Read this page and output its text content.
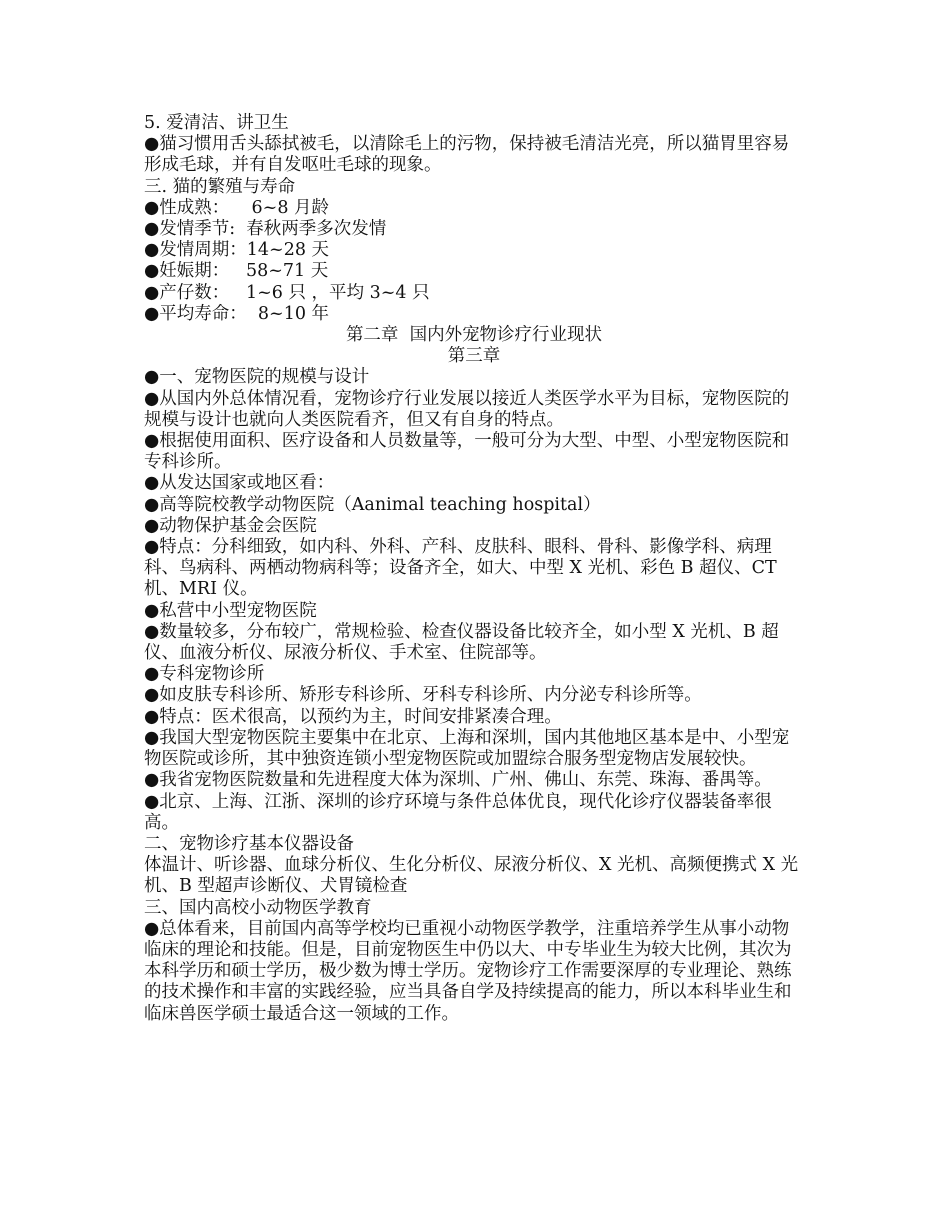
5. 爱清洁、讲卫生
●猫习惯用舌头舔拭被毛，以清除毛上的污物，保持被毛清洁光亮，所以猫胃里容易形成毛球，并有自发呕吐毛球的现象。
三. 猫的繁殖与寿命
●性成熟：    6~8 月龄
●发情季节:  春秋两季多次发情
●发情周期：14~28 天
●妊娠期：   58~71 天
●产仔数：   1~6 只 ，平均 3~4 只
●平均寿命：  8~10 年
第二章  国内外宠物诊疗行业现状
第三章
●一、宠物医院的规模与设计
●从国内外总体情况看，宠物诊疗行业发展以接近人类医学水平为目标，宠物医院的规模与设计也就向人类医院看齐，但又有自身的特点。
●根据使用面积、医疗设备和人员数量等，一般可分为大型、中型、小型宠物医院和专科诊所。
●从发达国家或地区看：
●高等院校教学动物医院（Aanimal teaching hospital）
●动物保护基金会医院
●特点：分科细致，如内科、外科、产科、皮肤科、眼科、骨科、影像学科、病理科、鸟病科、两栖动物病科等；设备齐全，如大、中型 X 光机、彩色 B 超仪、CT 机、MRI 仪。
●私营中小型宠物医院
●数量较多，分布较广，常规检验、检查仪器设备比较齐全，如小型 X 光机、B 超仪、血液分析仪、尿液分析仪、手术室、住院部等。
●专科宠物诊所
●如皮肤专科诊所、矫形专科诊所、牙科专科诊所、内分泌专科诊所等。
●特点：医术很高，以预约为主，时间安排紧凑合理。
●我国大型宠物医院主要集中在北京、上海和深圳，国内其他地区基本是中、小型宠物医院或诊所，其中独资连锁小型宠物医院或加盟综合服务型宠物店发展较快。
●我省宠物医院数量和先进程度大体为深圳、广州、佛山、东莞、珠海、番禺等。
●北京、上海、江浙、深圳的诊疗环境与条件总体优良，现代化诊疗仪器装备率很高。
二、宠物诊疗基本仪器设备
体温计、听诊器、血球分析仪、生化分析仪、尿液分析仪、X 光机、高频便携式 X 光机、B 型超声诊断仪、犬胃镜检查
三、国内高校小动物医学教育
●总体看来，目前国内高等学校均已重视小动物医学教学，注重培养学生从事小动物临床的理论和技能。但是，目前宠物医生中仍以大、中专毕业生为较大比例，其次为本科学历和硕士学历，极少数为博士学历。宠物诊疗工作需要深厚的专业理论、熟练的技术操作和丰富的实践经验，应当具备自学及持续提高的能力，所以本科毕业生和临床兽医学硕士最适合这一领域的工作。
